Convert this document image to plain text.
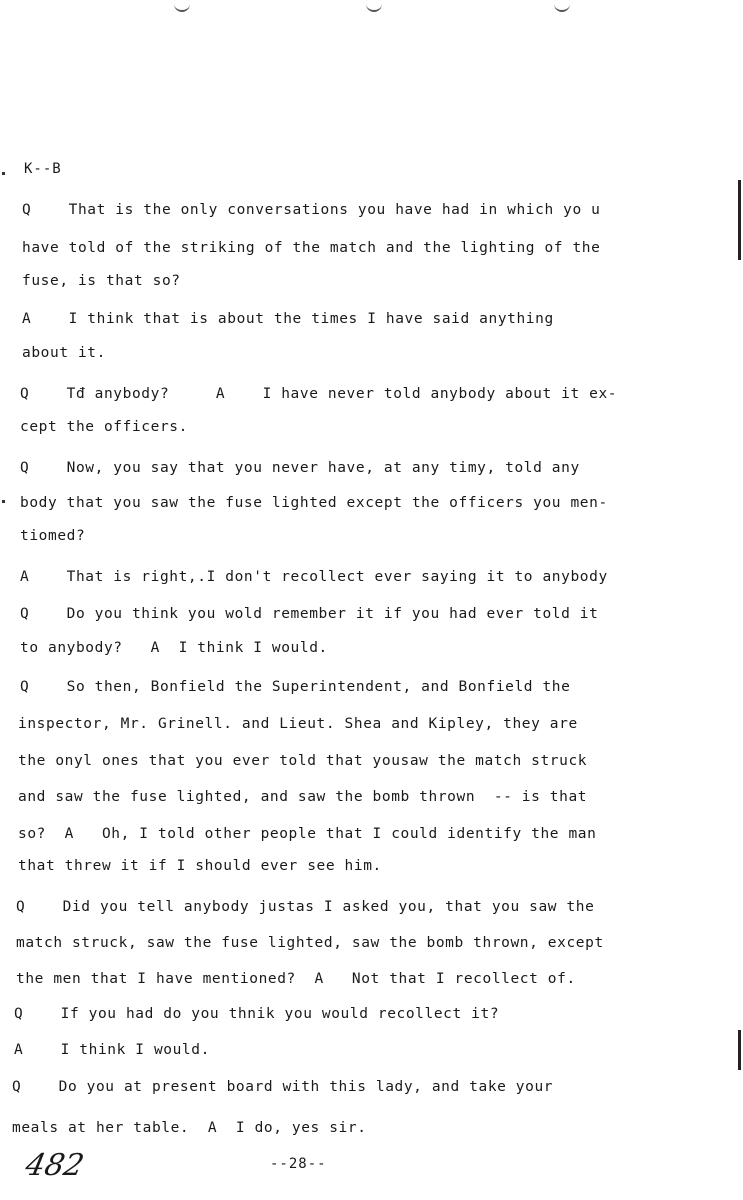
K--B
Q    That is the only conversations you have had in which yo u
have told of the striking of the match and the lighting of the
fuse, is that so?
A    I think that is about the times I have said anything
about it.
Q    Tđ anybody?     A    I have never told anybody about it ex-
cept the officers.
Q    Now, you say that you never have, at any timy, told any
body that you saw the fuse lighted except the officers you men-
tiomed?
A    That is right,.I don't recollect ever saying it to anybody
Q    Do you think you wold remember it if you had ever told it
to anybody?   A  I think I would.
Q    So then, Bonfield the Superintendent, and Bonfield the
inspector, Mr. Grinell. and Lieut. Shea and Kipley, they are
the onyl ones that you ever told that yousaw the match struck
and saw the fuse lighted, and saw the bomb thrown  -- is that
so?  A   Oh, I told other people that I could identify the man
that threw it if I should ever see him.
Q    Did you tell anybody justas I asked you, that you saw the
match struck, saw the fuse lighted, saw the bomb thrown, except
the men that I have mentioned?  A   Not that I recollect of.
Q    If you had do you thnik you would recollect it?
A    I think I would.
Q    Do you at present board with this lady, and take your
meals at her table.  A  I do, yes sir.
482	--28--
